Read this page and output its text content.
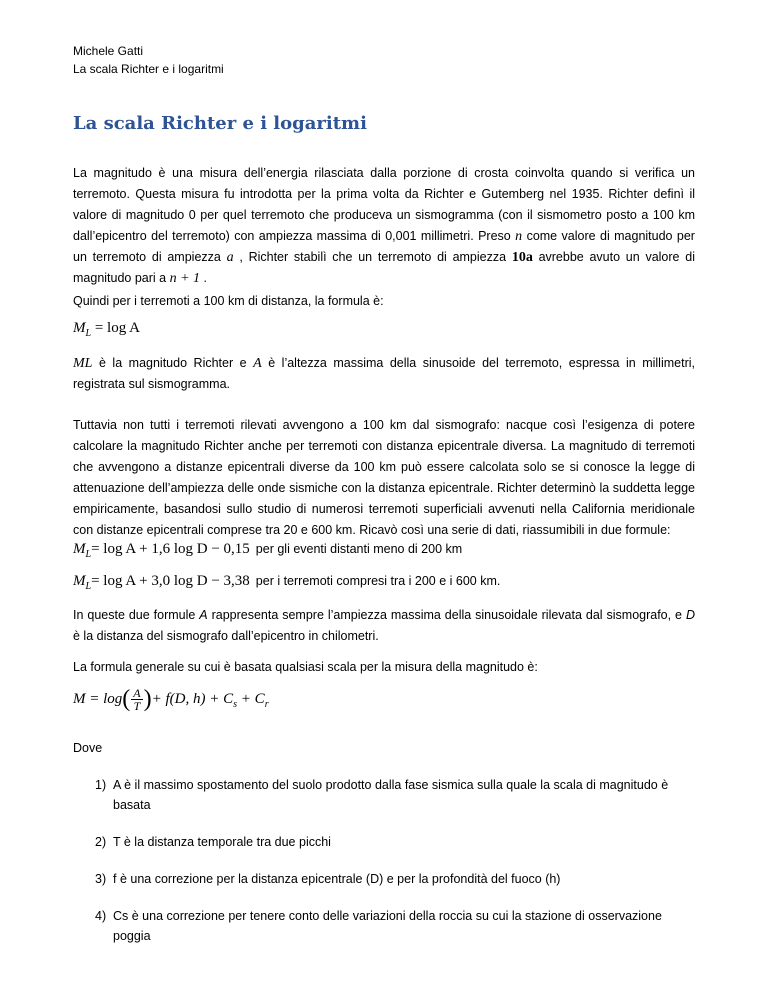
Michele Gatti
La scala Richter e i logaritmi
La scala Richter e i logaritmi
La magnitudo è una misura dell’energia rilasciata dalla porzione di crosta coinvolta quando si verifica un terremoto. Questa misura fu introdotta per la prima volta da Richter e Gutemberg nel 1935. Richter definì il valore di magnitudo 0 per quel terremoto che produceva un sismogramma (con il sismometro posto a 100 km dall’epicentro del terremoto) con ampiezza massima di 0,001 millimetri. Preso n come valore di magnitudo per un terremoto di ampiezza a , Richter stabilì che un terremoto di ampiezza 10a avrebbe avuto un valore di magnitudo pari a n + 1 .
Quindi per i terremoti a 100 km di distanza, la formula è:
$M_L = \log A$
ML è la magnitudo Richter e A è l’altezza massima della sinusoide del terremoto, espressa in millimetri, registrata sul sismogramma.
Tuttavia non tutti i terremoti rilevati avvengono a 100 km dal sismografo: nacque così l’esigenza di potere calcolare la magnitudo Richter anche per terremoti con distanza epicentrale diversa. La magnitudo di terremoti che avvengono a distanze epicentrali diverse da 100 km può essere calcolata solo se si conosce la legge di attenuazione dell’ampiezza delle onde sismiche con la distanza epicentrale. Richter determinò la suddetta legge empiricamente, basandosi sullo studio di numerosi terremoti superficiali avvenuti nella California meridionale con distanze epicentrali comprese tra 20 e 600 km. Ricavò così una serie di dati, riassumibili in due formule:
$M_L= \log A + 1,6$ log D − 0,15 per gli eventi distanti meno di 200 km
$M_L= \log A + 3,0$ log D − 3,38 per i terremoti compresi tra i 200 e i 600 km.
In queste due formule A rappresenta sempre l’ampiezza massima della sinusoidale rilevata dal sismografo, e D è la distanza del sismografo dall’epicentro in chilometri.
La formula generale su cui è basata qualsiasi scala per la misura della magnitudo è:
$M = \log( \frac{A}{T}$ )+ f(D, $h) + C_s + C_r$
Dove
1) A è il massimo spostamento del suolo prodotto dalla fase sismica sulla quale la scala di magnitudo è basata
2) T è la distanza temporale tra due picchi
3) f è una correzione per la distanza epicentrale (D) e per la profondità del fuoco (h)
4) Cs è una correzione per tenere conto delle variazioni della roccia su cui la stazione di osservazione poggia
